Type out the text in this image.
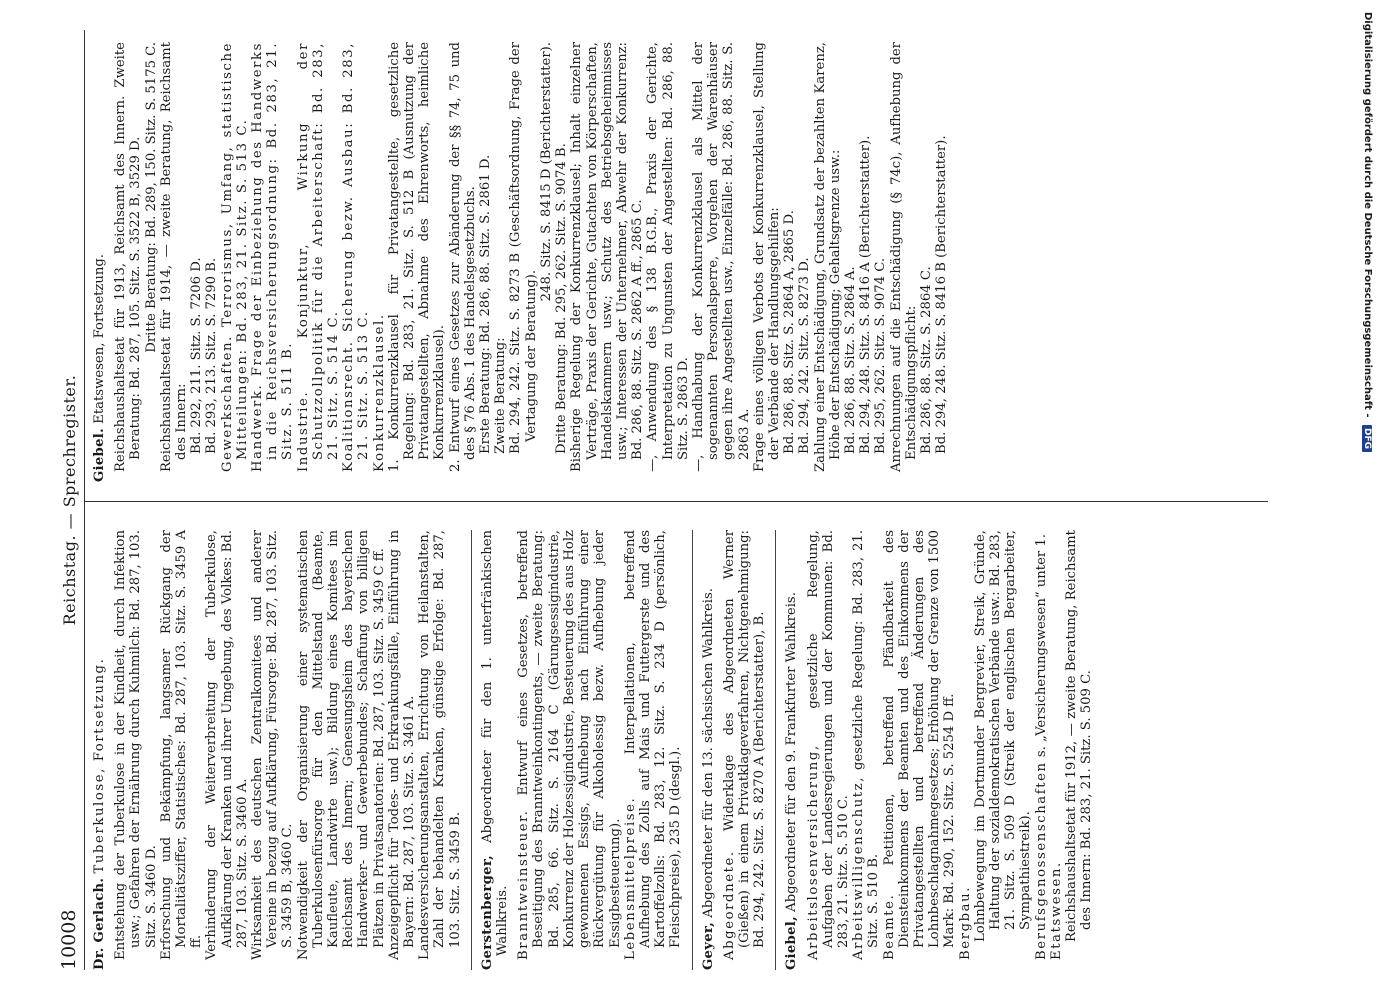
10008
Reichstag. — Sprechregister.

Dr. Gerlach. Tuberkulose, Fortsetzung. Entstehung der Tuberkulose in der Kindheit, durch Infektion usw.; Gefahren der Ernährung durch Kuhmilch: Bd. 287, 103. Sitz. S. 3460 D. Erforschung und Bekämpfung, langsamer Rückgang der Mortalitätsziffer, Statistisches: Bd. 287, 103. Sitz. S. 3459 A ff. Verhinderung der Weiterverbreitung der Tuberkulose, Aufklärung der Kranken und ihrer Umgebung, des Volkes: Bd. 287, 103. Sitz. S. 3460 A. Wirksamkeit des deutschen Zentralkomitees und anderer Vereine in bezug auf Aufklärung, Fürsorge: Bd. 287, 103. Sitz. S. 3459 B, 3460 C. Notwendigkeit der Organisierung einer systematischen Tuberkulosenfürsorge für den Mittelstand (Beamte, Kaufleute, Landwirte usw.); Bildung eines Komitees im Reichsamt des Innern; Genesungsheim des bayerischen Handwerker- und Gewerbebundes; Schaffung von billigen Plätzen in Privatsanatorien: Bd. 287, 103. Sitz. S. 3459 C ff. Anzeigepflicht für Todes- und Erkrankungsfälle, Einführung in Bayern: Bd. 287, 103. Sitz. S. 3461 A. Landesversicherungsanstalten, Errichtung von Heilanstalten, Zahl der behandelten Kranken, günstige Erfolge: Bd. 287, 103. Sitz. S. 3459 B. Gerstenberger, Abgeordneter für den 1. unterfränkischen Wahlkreis. Branntweinsteuer. Entwurf eines Gesetzes, betreffend Beseitigung des Branntweinkontingents, — zweite Beratung: Bd. 285, 66. Sitz. S. 2164 C (Gärungsessigindustrie, Konkurrenz der Holzessigindustrie, Besteuerung des aus Holz gewonnenen Essigs, Aufhebung nach Einführung einer Rückvergütung für Alkoholessig bezw. Aufhebung jeder Essigbesteuerung). Lebensmittelpreise. Interpellationen, betreffend Aufhebung des Zolls auf Mais und Futtergerste und des Kartoffelzolls: Bd. 283, 12. Sitz. S. 234 D (persönlich, Fleischpreise), 235 D (desgl.). Geyer, Abgeordneter für den 13. sächsischen Wahlkreis. Abgeordnete. Widerklage des Abgeordneten Werner (Gießen) in einem Privatklageverfahren, Nichtgenehmigung: Bd. 294, 242. Sitz. S. 8270 A (Berichterstatter), B. Giebel, Abgeordneter für den 9. Frankfurter Wahlkreis. Arbeitslosenversicherung, gesetzliche Regelung, Aufgaben der Landesregierungen und der Kommunen: Bd. 283, 21. Sitz. S. 510 C. Arbeitswilligenschutz, gesetzliche Regelung: Bd. 283, 21. Sitz. S. 510 B. Beamte. Petitionen, betreffend Pfändbarkeit des Diensteinkommens der Beamten und des Einkommens der Privatangestellten und betreffend Änderungen des Lohnbeschlagnahmegesetzes; Erhöhung der Grenze von 1500 Mark: Bd. 290, 152. Sitz. S. 5254 D ff. Bergbau. Lohnbewegung im Dortmunder Bergrevier, Streik, Gründe, Haltung der sozialdemokratischen Verbände usw.: Bd. 283, 21. Sitz. S. 509 D (Streik der englischen Bergarbeiter, Sympathiestreik). Berufsgenossenschaften s. „Versicherungswesen“ unter 1.

Etatswesen. Reichshaushaltsetat für 1912, — zweite Beratung, Reichsamt des Innern: Bd. 283, 21. Sitz. S. 509 C.

Giebel. Etatswesen, Fortsetzung. Reichshaushaltsetat für 1913, Reichsamt des Innern. Zweite Beratung: Bd. 287, 105. Sitz. S. 3522 B, 3529 D. Dritte Beratung: Bd. 289, 150. Sitz. S. 5175 C. Reichshaushaltsetat für 1914, — zweite Beratung, Reichsamt des Innern: Bd. 292, 211. Sitz. S. 7206 D. Bd. 293, 213. Sitz. S. 7290 B. Gewerkschaften. Terrorismus, Umfang, statistische Mitteilungen: Bd. 283, 21. Sitz. S. 513 C. Handwerk. Frage der Einbeziehung des Handwerks in die Reichsversicherungsordnung: Bd. 283, 21. Sitz. S. 511 B. Industrie. Konjunktur, Wirkung der Schutzzollpolitik für die Arbeiterschaft: Bd. 283, 21. Sitz. S. 514 C. Koalitionsrecht. Sicherung bezw. Ausbau: Bd. 283, 21. Sitz. S. 513 C. Konkurrenzklausel. 1. Konkurrenzklausel für Privatangestellte, gesetzliche Regelung: Bd. 283, 21. Sitz. S. 512 B (Ausnutzung der Privatangestellten, Abnahme des Ehrenworts, heimliche Konkurrenzklausel). 2. Entwurf eines Gesetzes zur Abänderung der §§ 74, 75 und des § 76 Abs. 1 des Handelsgesetzbuchs. Erste Beratung: Bd. 286, 88. Sitz. S. 2861 D. Zweite Beratung: Bd. 294, 242. Sitz. S. 8273 B (Geschäftsordnung, Frage der Vertagung der Beratung).

248. Sitz. S. 8415 D (Berichterstatter). Dritte Beratung: Bd. 295, 262. Sitz. S. 9074 B. Bisherige Regelung der Konkurrenzklausel; Inhalt einzelner Verträge, Praxis der Gerichte, Gutachten von Körperschaften, Handelskammern usw.; Schutz des Betriebsgeheimnisses usw.; Interessen der Unternehmer, Abwehr der Konkurrenz: Bd. 286, 88. Sitz. S. 2862 A ff., 2865 C. —, Anwendung des § 138 B.G.B., Praxis der Gerichte, Interpretation zu Ungunsten der Angestellten: Bd. 286, 88. Sitz. S. 2863 D. —, Handhabung der Konkurrenzklausel als Mittel der sogenannten Personalsperre, Vorgehen der Warenhäuser gegen ihre Angestellten usw., Einzelfälle: Bd. 286, 88. Sitz. S. 2863 A. Frage eines völligen Verbots der Konkurrenzklausel, Stellung der Verbände der Handlungsgehilfen: Bd. 286, 88. Sitz. S. 2864 A, 2865 D. Bd. 294, 242. Sitz. S. 8273 D. Zahlung einer Entschädigung, Grundsatz der bezahlten Karenz, Höhe der Entschädigung; Gehaltsgrenze usw.: Bd. 286, 88. Sitz. S. 2864 A. Bd. 294, 248. Sitz. S. 8416 A (Berichterstatter). Bd. 295, 262. Sitz. S. 9074 C. Anrechnungen auf die Entschädigung (§ 74c), Aufhebung der Entschädigungspflicht: Bd. 286, 88. Sitz. S. 2864 C. Bd. 294, 248. Sitz. S. 8416 B (Berichterstatter).	Digitalisierung gefördert durch die Deutsche Forschungsgemeinschaft - DFG
